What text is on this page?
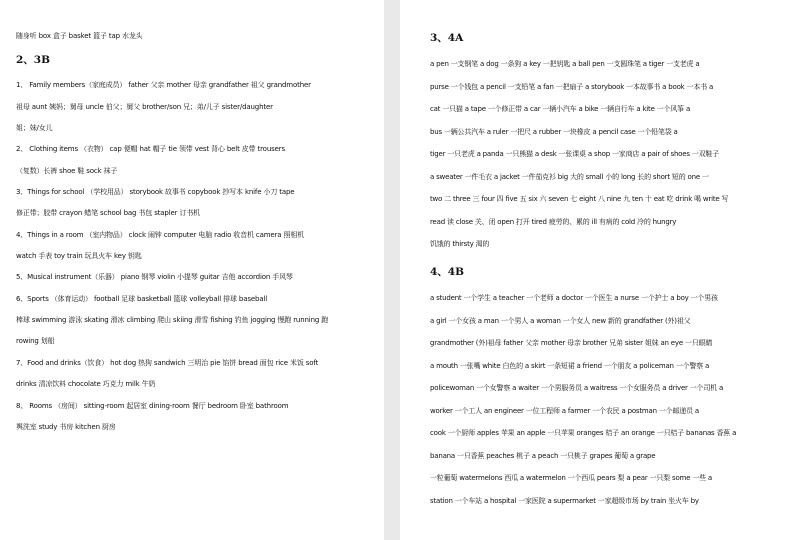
随身听 box 盒子 basket 篮子 tap 水龙头
2、3B
1、 Family members（家庭成员） father 父亲 mother 母亲 grandfather 祖父 grandmother
祖母 aunt 姨妈；舅母 uncle 伯父；舅父 brother/son 兄；弟/儿子 sister/daughter
姐；妹/女儿
2、 Clothing items （衣物） cap 便帽 hat 帽子 tie 领带 vest 背心 belt 皮带 trousers
（复数）长裤 shoe 鞋 sock 袜子
3、Things for school （学校用品） storybook 故事书 copybook 抄写本 knife 小刀 tape
修正带；胶带 crayon 蜡笔 school bag 书包 stapler 订书机
4、Things in a room （室内物品） clock 闹钟 computer 电脑 radio 收音机 camera 照相机
watch 手表 toy train 玩具火车 key 钥匙
5、Musical instrument（乐器） piano 钢琴 violin 小提琴 guitar 吉他 accordion 手风琴
6、Sports （体育运动） football 足球 basketball 篮球 volleyball 排球 baseball
棒球 swimming 游泳 skating 滑冰 climbing 爬山 skiing 滑雪 fishing 钓鱼 jogging 慢跑 running 跑
rowing 划船
7、Food and drinks（饮食） hot dog 热狗 sandwich 三明治 pie 馅饼 bread 面包 rice 米饭 soft
drinks 清凉饮料 chocolate 巧克力 milk 牛奶
8、 Rooms （房间） sitting-room 起居室 dining-room 餐厅 bedroom 卧室 bathroom
舆洗室 study 书房 kitchen 厨房
3、4A
a pen 一支钢笔 a dog 一条狗 a key 一把钥匙 a ball pen 一支圆珠笔 a tiger 一支老虎 a
purse 一个钱包 a pencil 一支铅笔 a fan 一把扇子 a storybook 一本故事书 a book 一本书 a
cat 一只猫 a tape 一个修正带 a car 一辆小汽车 a bike 一辆自行车 a kite 一个风筝 a
bus 一辆公共汽车 a ruler 一把尺 a rubber 一块橡皮 a pencil case 一个铅笔袋 a
tiger 一只老虎 a panda 一只熊猫 a desk 一张课桌 a shop 一家商店 a pair of shoes 一双鞋子
a sweater 一件毛衣 a jacket 一件茄克衫 big 大的 small 小的 long 长的 short 短的 one 一
two 二 three 三 four 四 five 五 six 六 seven 七 eight 八 nine 九 ten 十 eat 吃 drink 喝 write 写
read 读 close 关、闭 open 打开 tired 疲劳的、累的 ill 有病的 cold 冷的 hungry
饥饿的 thirsty 渴的
4、4B
a student 一个学生 a teacher 一个老师 a doctor 一个医生 a nurse 一个护士 a boy 一个男孩
a girl 一个女孩 a man 一个男人 a woman 一个女人 new 新的 grandfather (外)祖父
grandmother (外)祖母 father 父亲 mother 母亲 brother 兄弟 sister 姐妹 an eye 一只眼睛
a mouth 一张嘴 white 白色的 a skirt 一条短裙 a friend 一个朋友 a policeman 一个警察 a
policewoman 一个女警察 a waiter 一个男服务员 a waitress 一个女服务员 a driver 一个司机 a
worker 一个工人 an engineer 一位工程师 a farmer 一个农民 a postman 一个邮递员 a
cook 一个厨师 apples 苹果 an apple 一只苹果 oranges 桔子 an orange 一只桔子 bananas 香蕉 a
banana 一只香蕉 peaches 桃子 a peach 一只桃子 grapes 葡萄 a grape
一粒葡萄 watermelons 西瓜 a watermelon 一个西瓜 pears 梨 a pear 一只梨 some 一些 a
station 一个车站 a hospital 一家医院 a supermarket 一家超级市场 by train 坐火车 by
